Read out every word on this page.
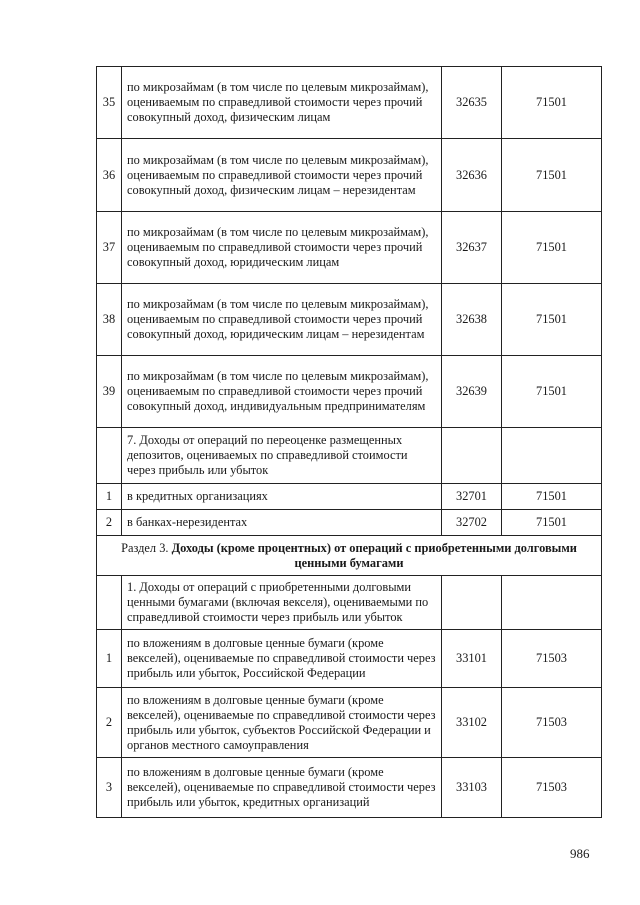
35	по микрозаймам (в том числе по целевым микрозаймам), оцениваемым по справедливой стоимости через прочий совокупный доход, физическим лицам	32635	71501
36	по микрозаймам (в том числе по целевым микрозаймам), оцениваемым по справедливой стоимости через прочий совокупный доход, физическим лицам – нерезидентам	32636	71501
37	по микрозаймам (в том числе по целевым микрозаймам), оцениваемым по справедливой стоимости через прочий совокупный доход, юридическим лицам	32637	71501
38	по микрозаймам (в том числе по целевым микрозаймам), оцениваемым по справедливой стоимости через прочий совокупный доход, юридическим лицам – нерезидентам	32638	71501
39	по микрозаймам (в том числе по целевым микрозаймам), оцениваемым по справедливой стоимости через прочий совокупный доход, индивидуальным предпринимателям	32639	71501
	7. Доходы от операций по переоценке размещенных депозитов, оцениваемых по справедливой стоимости через прибыль или убыток		
1	в кредитных организациях	32701	71501
2	в банках-нерезидентах	32702	71501
Раздел 3. Доходы (кроме процентных) от операций с приобретенными долговыми ценными бумагами			
	1. Доходы от операций с приобретенными долговыми ценными бумагами (включая векселя), оцениваемыми по справедливой стоимости через прибыль или убыток		
1	по вложениям в долговые ценные бумаги (кроме векселей), оцениваемые по справедливой стоимости через прибыль или убыток, Российской Федерации	33101	71503
2	по вложениям в долговые ценные бумаги (кроме векселей), оцениваемые по справедливой стоимости через прибыль или убыток, субъектов Российской Федерации и органов местного самоуправления	33102	71503
3	по вложениям в долговые ценные бумаги (кроме векселей), оцениваемые по справедливой стоимости через прибыль или убыток, кредитных организаций	33103	71503
986
